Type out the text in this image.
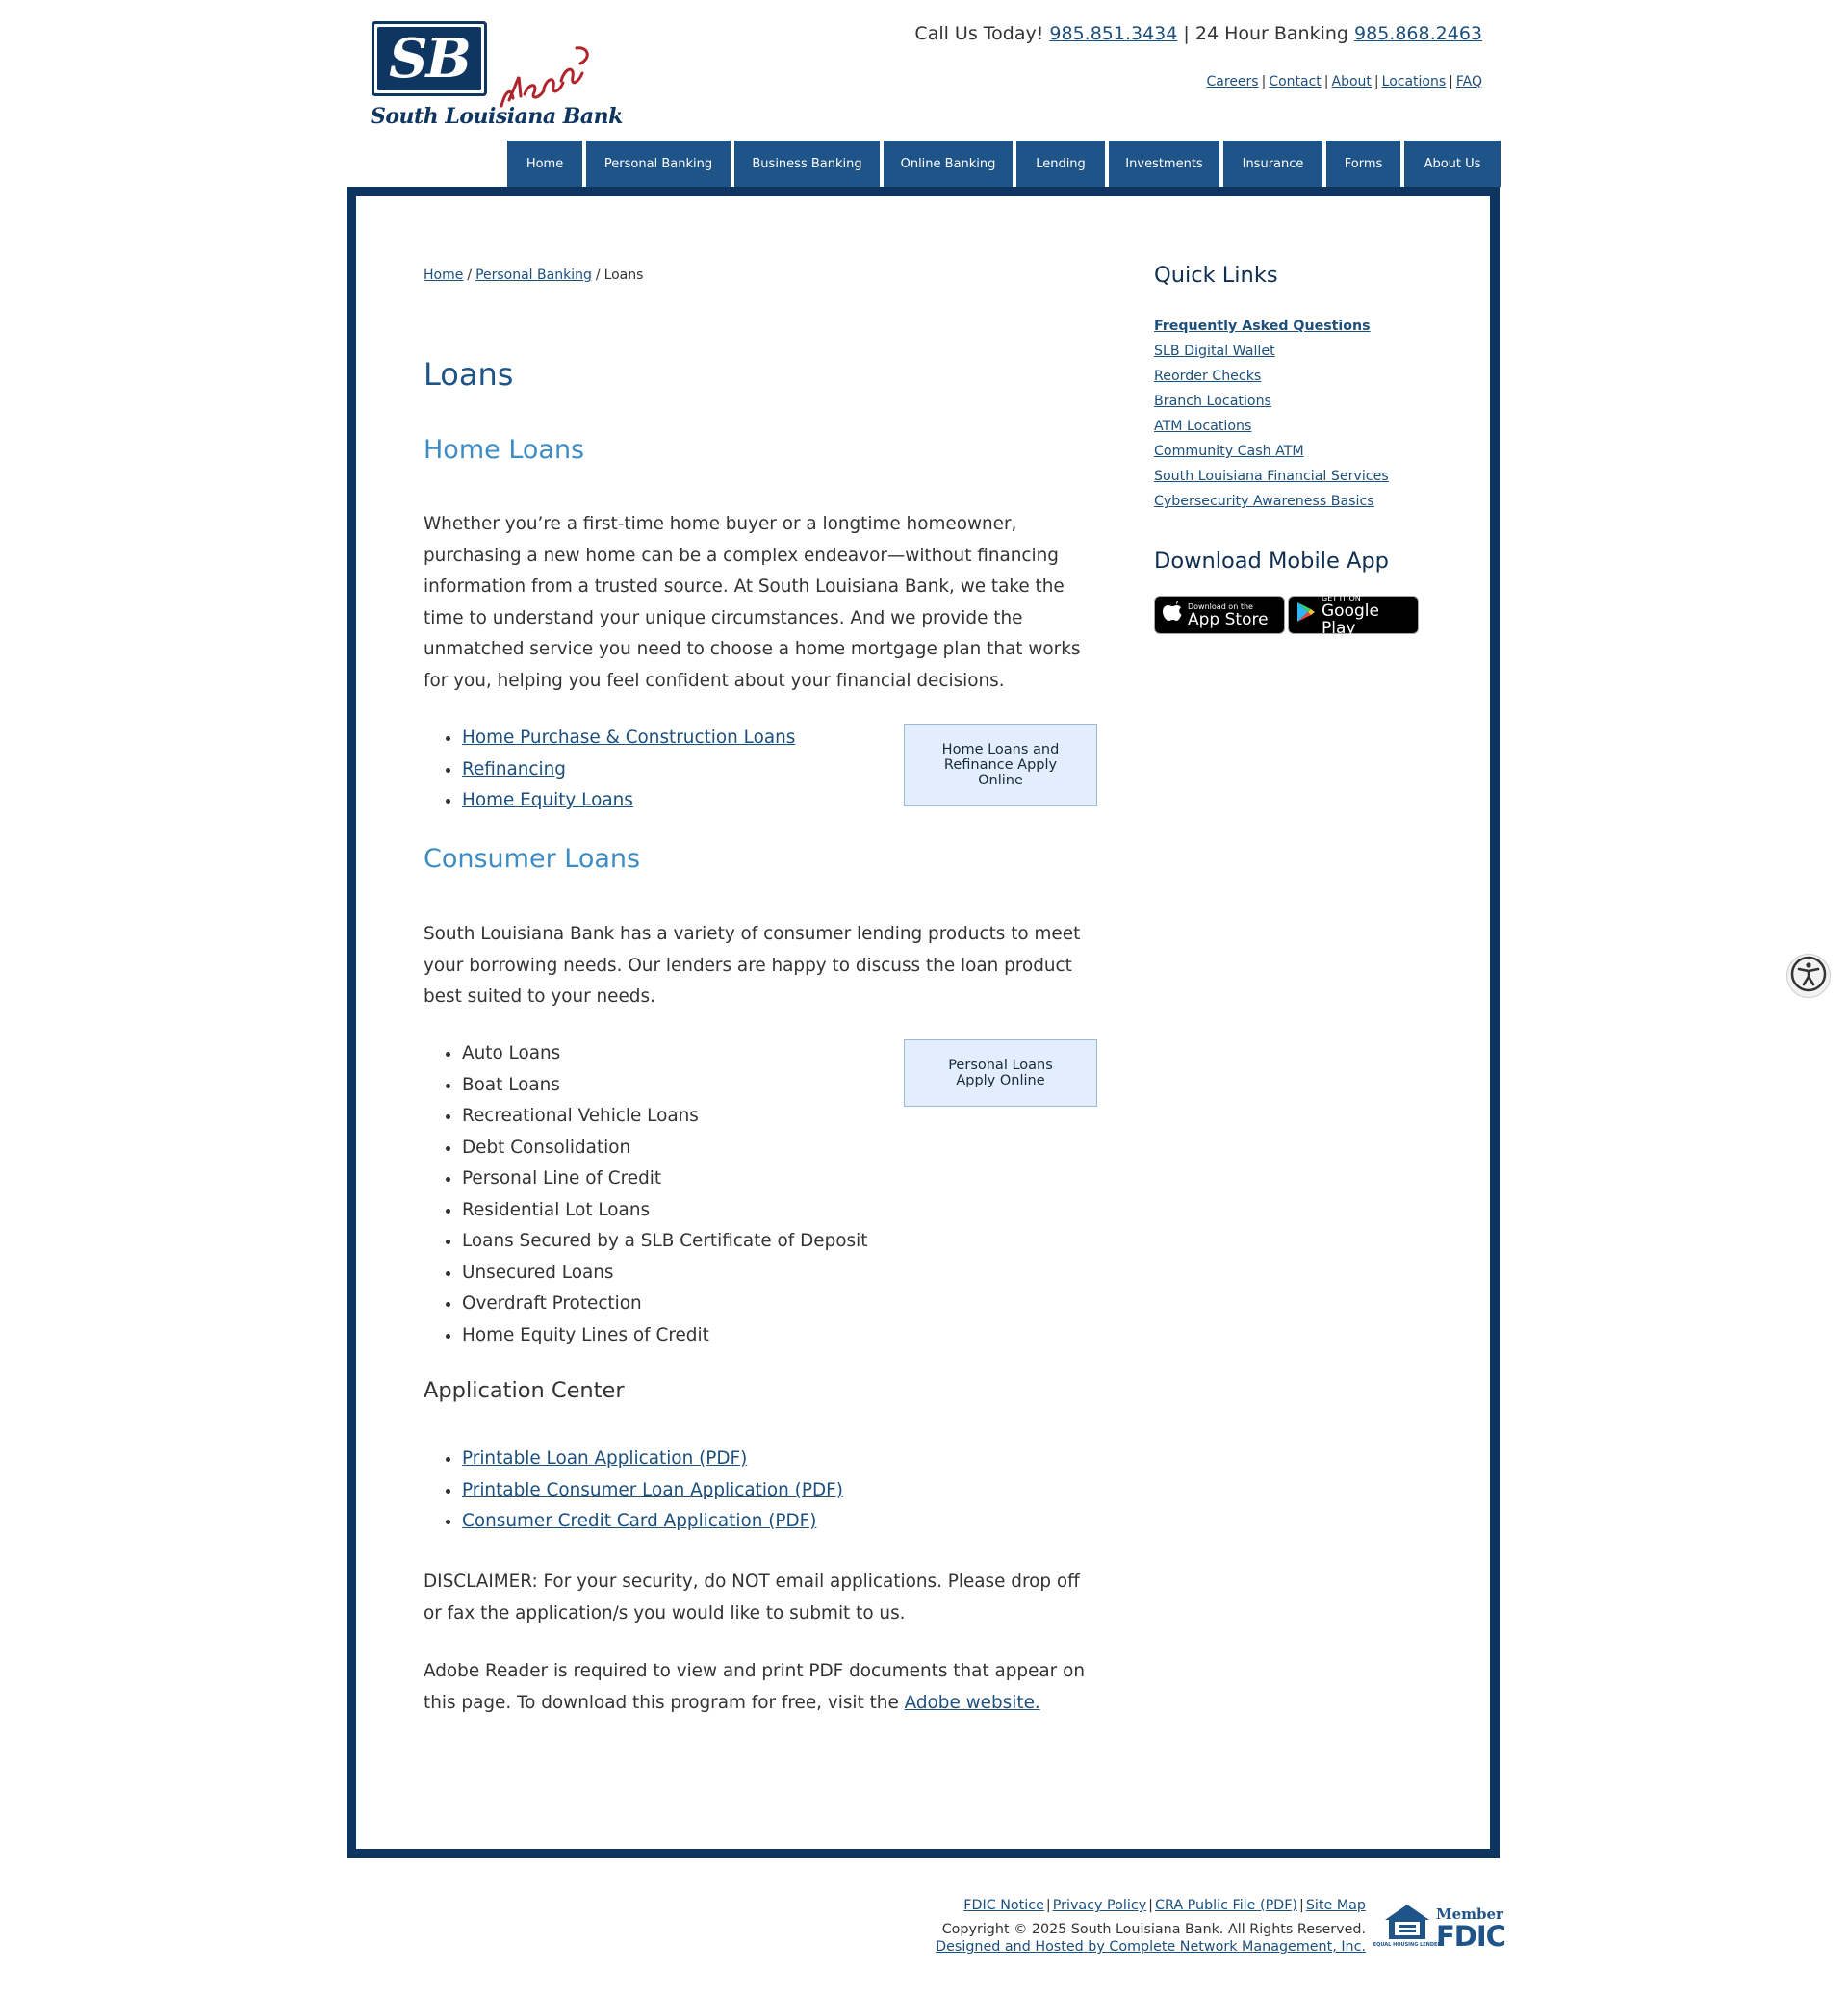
SB
South Louisiana Bank
Call Us Today! 985.851.3434 | 24 Hour Banking 985.868.2463
Careers | Contact | About | Locations | FAQ
Home	Personal Banking	Business Banking	Online Banking	Lending	Investments	Insurance	Forms	About Us
Home / Personal Banking / Loans
Loans
Home Loans

Whether you’re a first-time home buyer or a longtime homeowner, purchasing a new home can be a complex endeavor—without financing information from a trusted source. At South Louisiana Bank, we take the time to understand your unique circumstances. And we provide the unmatched service you need to choose a home mortgage plan that works for you, helping you feel confident about your financial decisions.

• Home Purchase & Construction Loans
• Refinancing
• Home Equity Loans
Home Loans and Refinance Apply Online
Consumer Loans

South Louisiana Bank has a variety of consumer lending products to meet your borrowing needs. Our lenders are happy to discuss the loan product best suited to your needs.

• Auto Loans
• Boat Loans
• Recreational Vehicle Loans
• Debt Consolidation
• Personal Line of Credit
• Residential Lot Loans
• Loans Secured by a SLB Certificate of Deposit
• Unsecured Loans
• Overdraft Protection
• Home Equity Lines of Credit
Personal Loans Apply Online
Application Center
• Printable Loan Application (PDF)
• Printable Consumer Loan Application (PDF)
• Consumer Credit Card Application (PDF)

DISCLAIMER: For your security, do NOT email applications. Please drop off or fax the application/s you would like to submit to us.

Adobe Reader is required to view and print PDF documents that appear on this page. To download this program for free, visit the Adobe website.

Quick Links
Frequently Asked Questions
SLB Digital Wallet
Reorder Checks
Branch Locations
ATM Locations
Community Cash ATM
South Louisiana Financial Services
Cybersecurity Awareness Basics
Download Mobile App
Download on the
App Store
GET IT ON
Google Play
FDIC Notice | Privacy Policy | CRA Public File (PDF) | Site Map
Copyright © 2025 South Louisiana Bank. All Rights Reserved.
Designed and Hosted by Complete Network Management, Inc. EQUAL HOUSING LENDER
Member
FDIC
